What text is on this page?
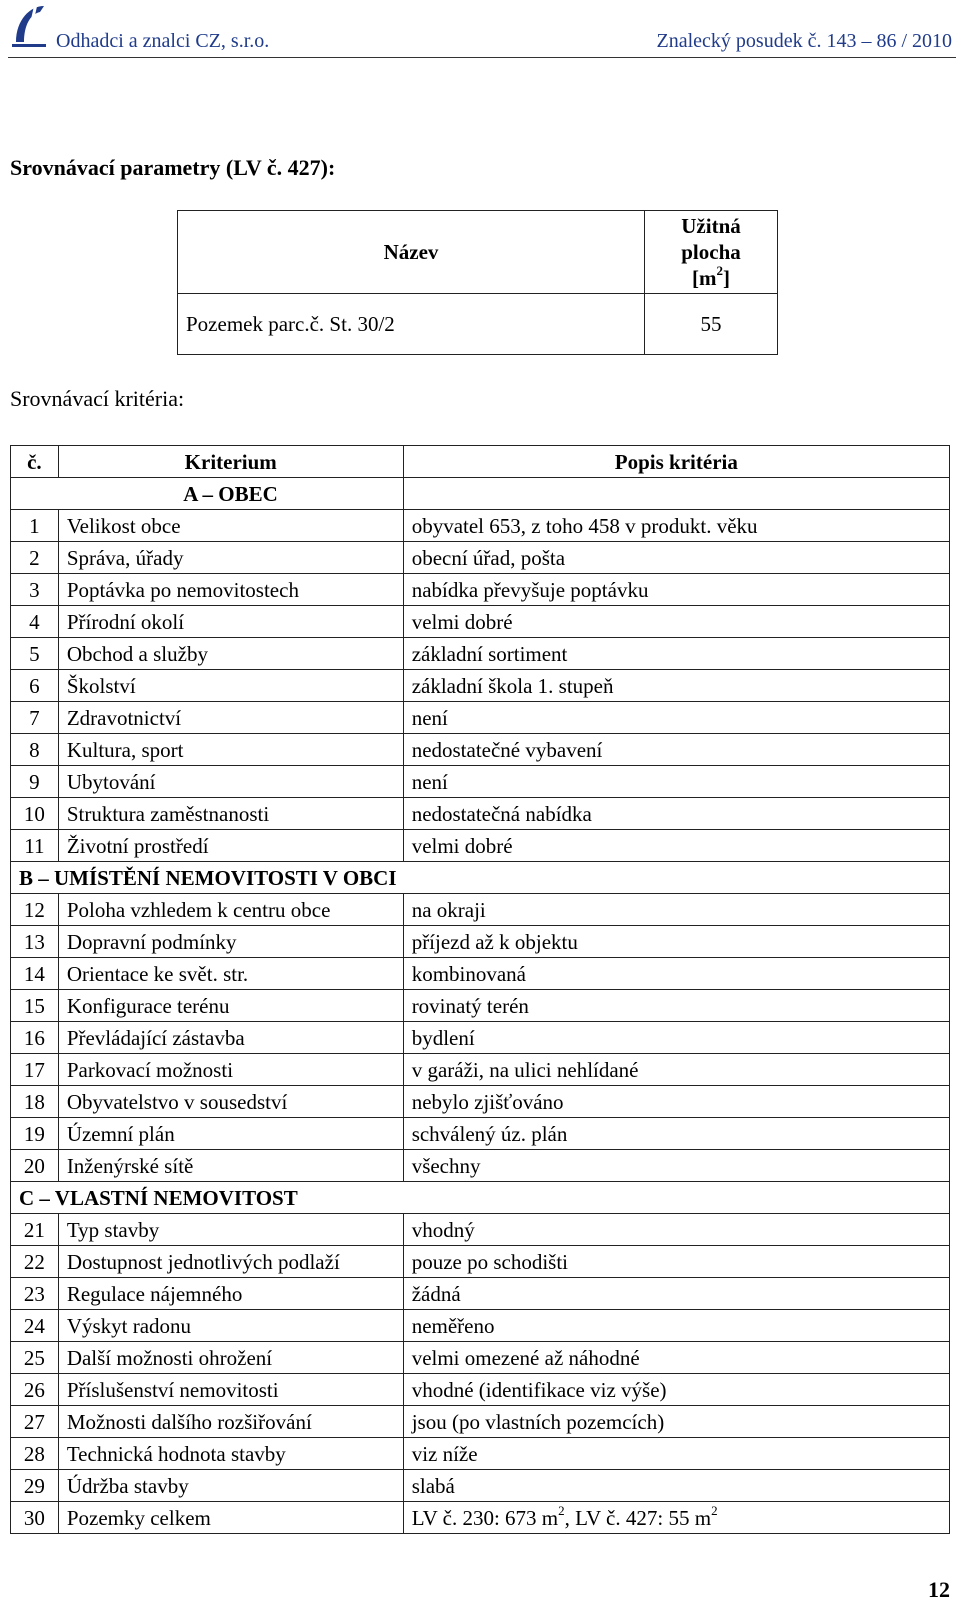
Odhadci a znalci CZ, s.r.o.	Znalecký posudek č. 143 – 86 / 2010
Srovnávací parametry (LV č. 427):
Název	Užitná
plocha
$[m^2]$
Pozemek parc.č. St. 30/2	55
Srovnávací kritéria:
č.	Kriterium	Popis kritéria
	A – OBEC	
1	Velikost obce	obyvatel 653, z toho 458 v produkt. věku
2	Správa, úřady	obecní úřad, pošta
3	Poptávka po nemovitostech	nabídka převyšuje poptávku
4	Přírodní okolí	velmi dobré
5	Obchod a služby	základní sortiment
6	Školství	základní škola 1. stupeň
7	Zdravotnictví	není
8	Kultura, sport	nedostatečné vybavení
9	Ubytování	není
10	Struktura zaměstnanosti	nedostatečná nabídka
11	Životní prostředí	velmi dobré
B – UMÍSTĚNÍ NEMOVITOSTI V OBCI		
12	Poloha vzhledem k centru obce	na okraji
13	Dopravní podmínky	příjezd až k objektu
14	Orientace ke svět. str.	kombinovaná
15	Konfigurace terénu	rovinatý terén
16	Převládající zástavba	bydlení
17	Parkovací možnosti	v garáži, na ulici nehlídané
18	Obyvatelstvo v sousedství	nebylo zjišťováno
19	Územní plán	schválený úz. plán
20	Inženýrské sítě	všechny
C – VLASTNÍ NEMOVITOST		
21	Typ stavby	vhodný
22	Dostupnost jednotlivých podlaží	pouze po schodišti
23	Regulace nájemného	žádná
24	Výskyt radonu	neměřeno
25	Další možnosti ohrožení	velmi omezené až náhodné
26	Příslušenství nemovitosti	vhodné (identifikace viz výše)
27	Možnosti dalšího rozšiřování	jsou (po vlastních pozemcích)
28	Technická hodnota stavby	viz níže
29	Údržba stavby	slabá
30	Pozemky celkem	LV č. 230: 673 $m^2$, LV č. 427: 55 $m^2$
12
